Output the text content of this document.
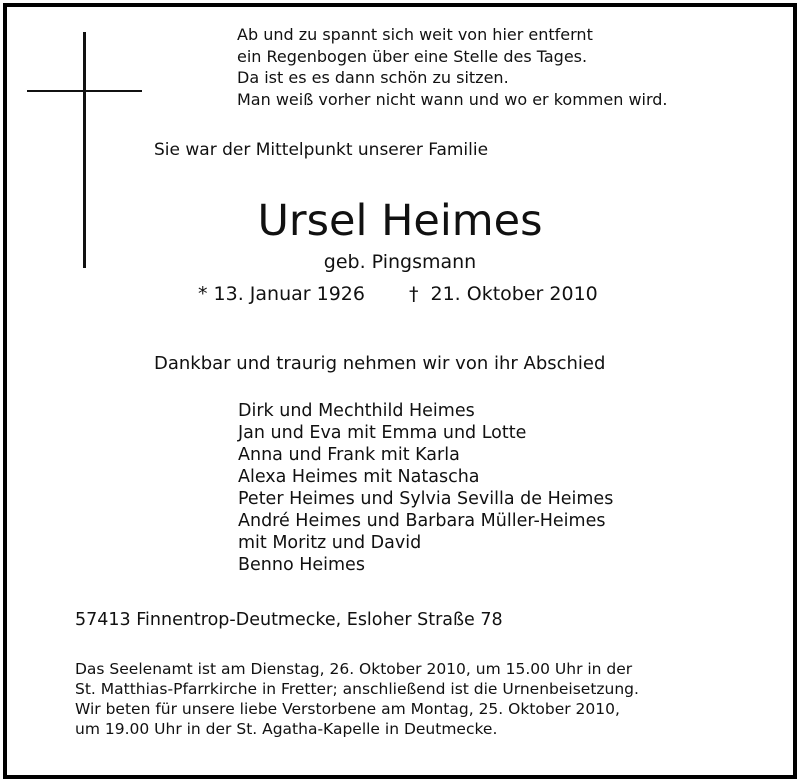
Ab und zu spannt sich weit von hier entfernt
ein Regenbogen über eine Stelle des Tages.
Da ist es es dann schön zu sitzen.
Man weiß vorher nicht wann und wo er kommen wird.
Sie war der Mittelpunkt unserer Familie
Ursel Heimes
geb. Pingsmann
* 13. Januar 1926 † 21. Oktober 2010
Dankbar und traurig nehmen wir von ihr Abschied
Dirk und Mechthild Heimes
Jan und Eva mit Emma und Lotte
Anna und Frank mit Karla
Alexa Heimes mit Natascha
Peter Heimes und Sylvia Sevilla de Heimes
André Heimes und Barbara Müller-Heimes
mit Moritz und David
Benno Heimes
57413 Finnentrop-Deutmecke, Esloher Straße 78
Das Seelenamt ist am Dienstag, 26. Oktober 2010, um 15.00 Uhr in der
St. Matthias-Pfarrkirche in Fretter; anschließend ist die Urnenbeisetzung.
Wir beten für unsere liebe Verstorbene am Montag, 25. Oktober 2010,
um 19.00 Uhr in der St. Agatha-Kapelle in Deutmecke.
